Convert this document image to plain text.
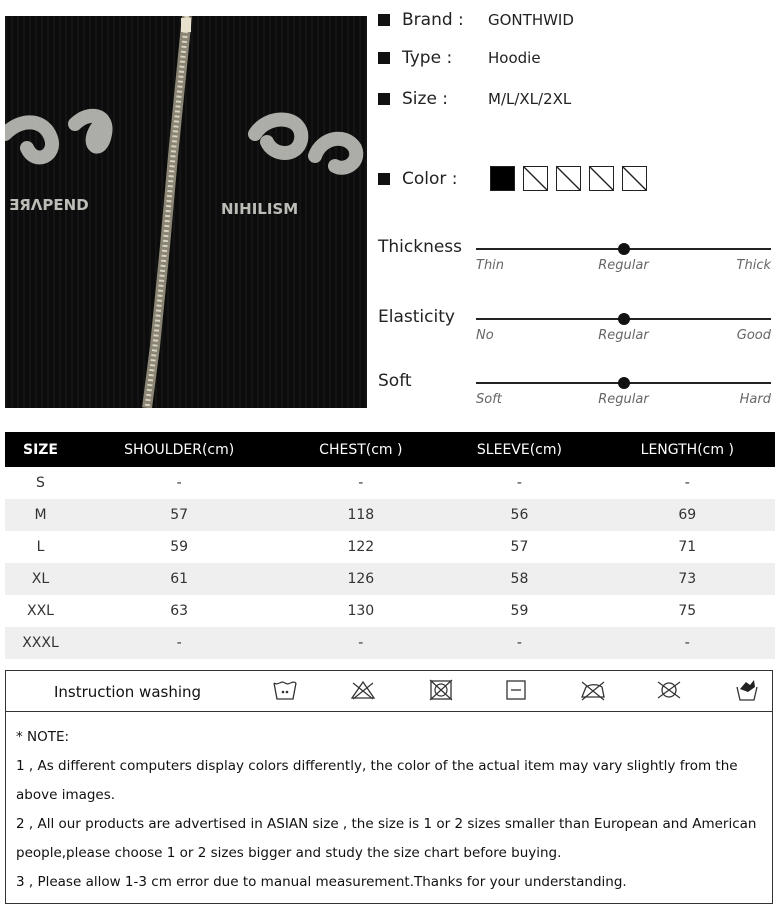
ƎЯΛΡΕΝD	NIHILISM
Brand :	GONTHWID
Type :	Hoodie
Size :	M/L/XL/2XL
Color :
Thickness
Thin	Regular	Thick
Elasticity
No	Regular	Good
Soft
Soft	Regular	Hard
SIZE	SHOULDER(cm)	CHEST(cm )	SLEEVE(cm)	LENGTH(cm )
S	-	-	-	-
M	57	118	56	69
L	59	122	57	71
XL	61	126	58	73
XXL	63	130	59	75
XXXL	-	-	-	-
Instruction washing

* NOTE:

1 , As different computers display colors differently, the color of the actual item may vary slightly from the above images.

2 , All our products are advertised in ASIAN size , the size is 1 or 2 sizes smaller than European and American people,please choose 1 or 2 sizes bigger and study the size chart before buying.

3 , Please allow 1-3 cm error due to manual measurement.Thanks for your understanding.
